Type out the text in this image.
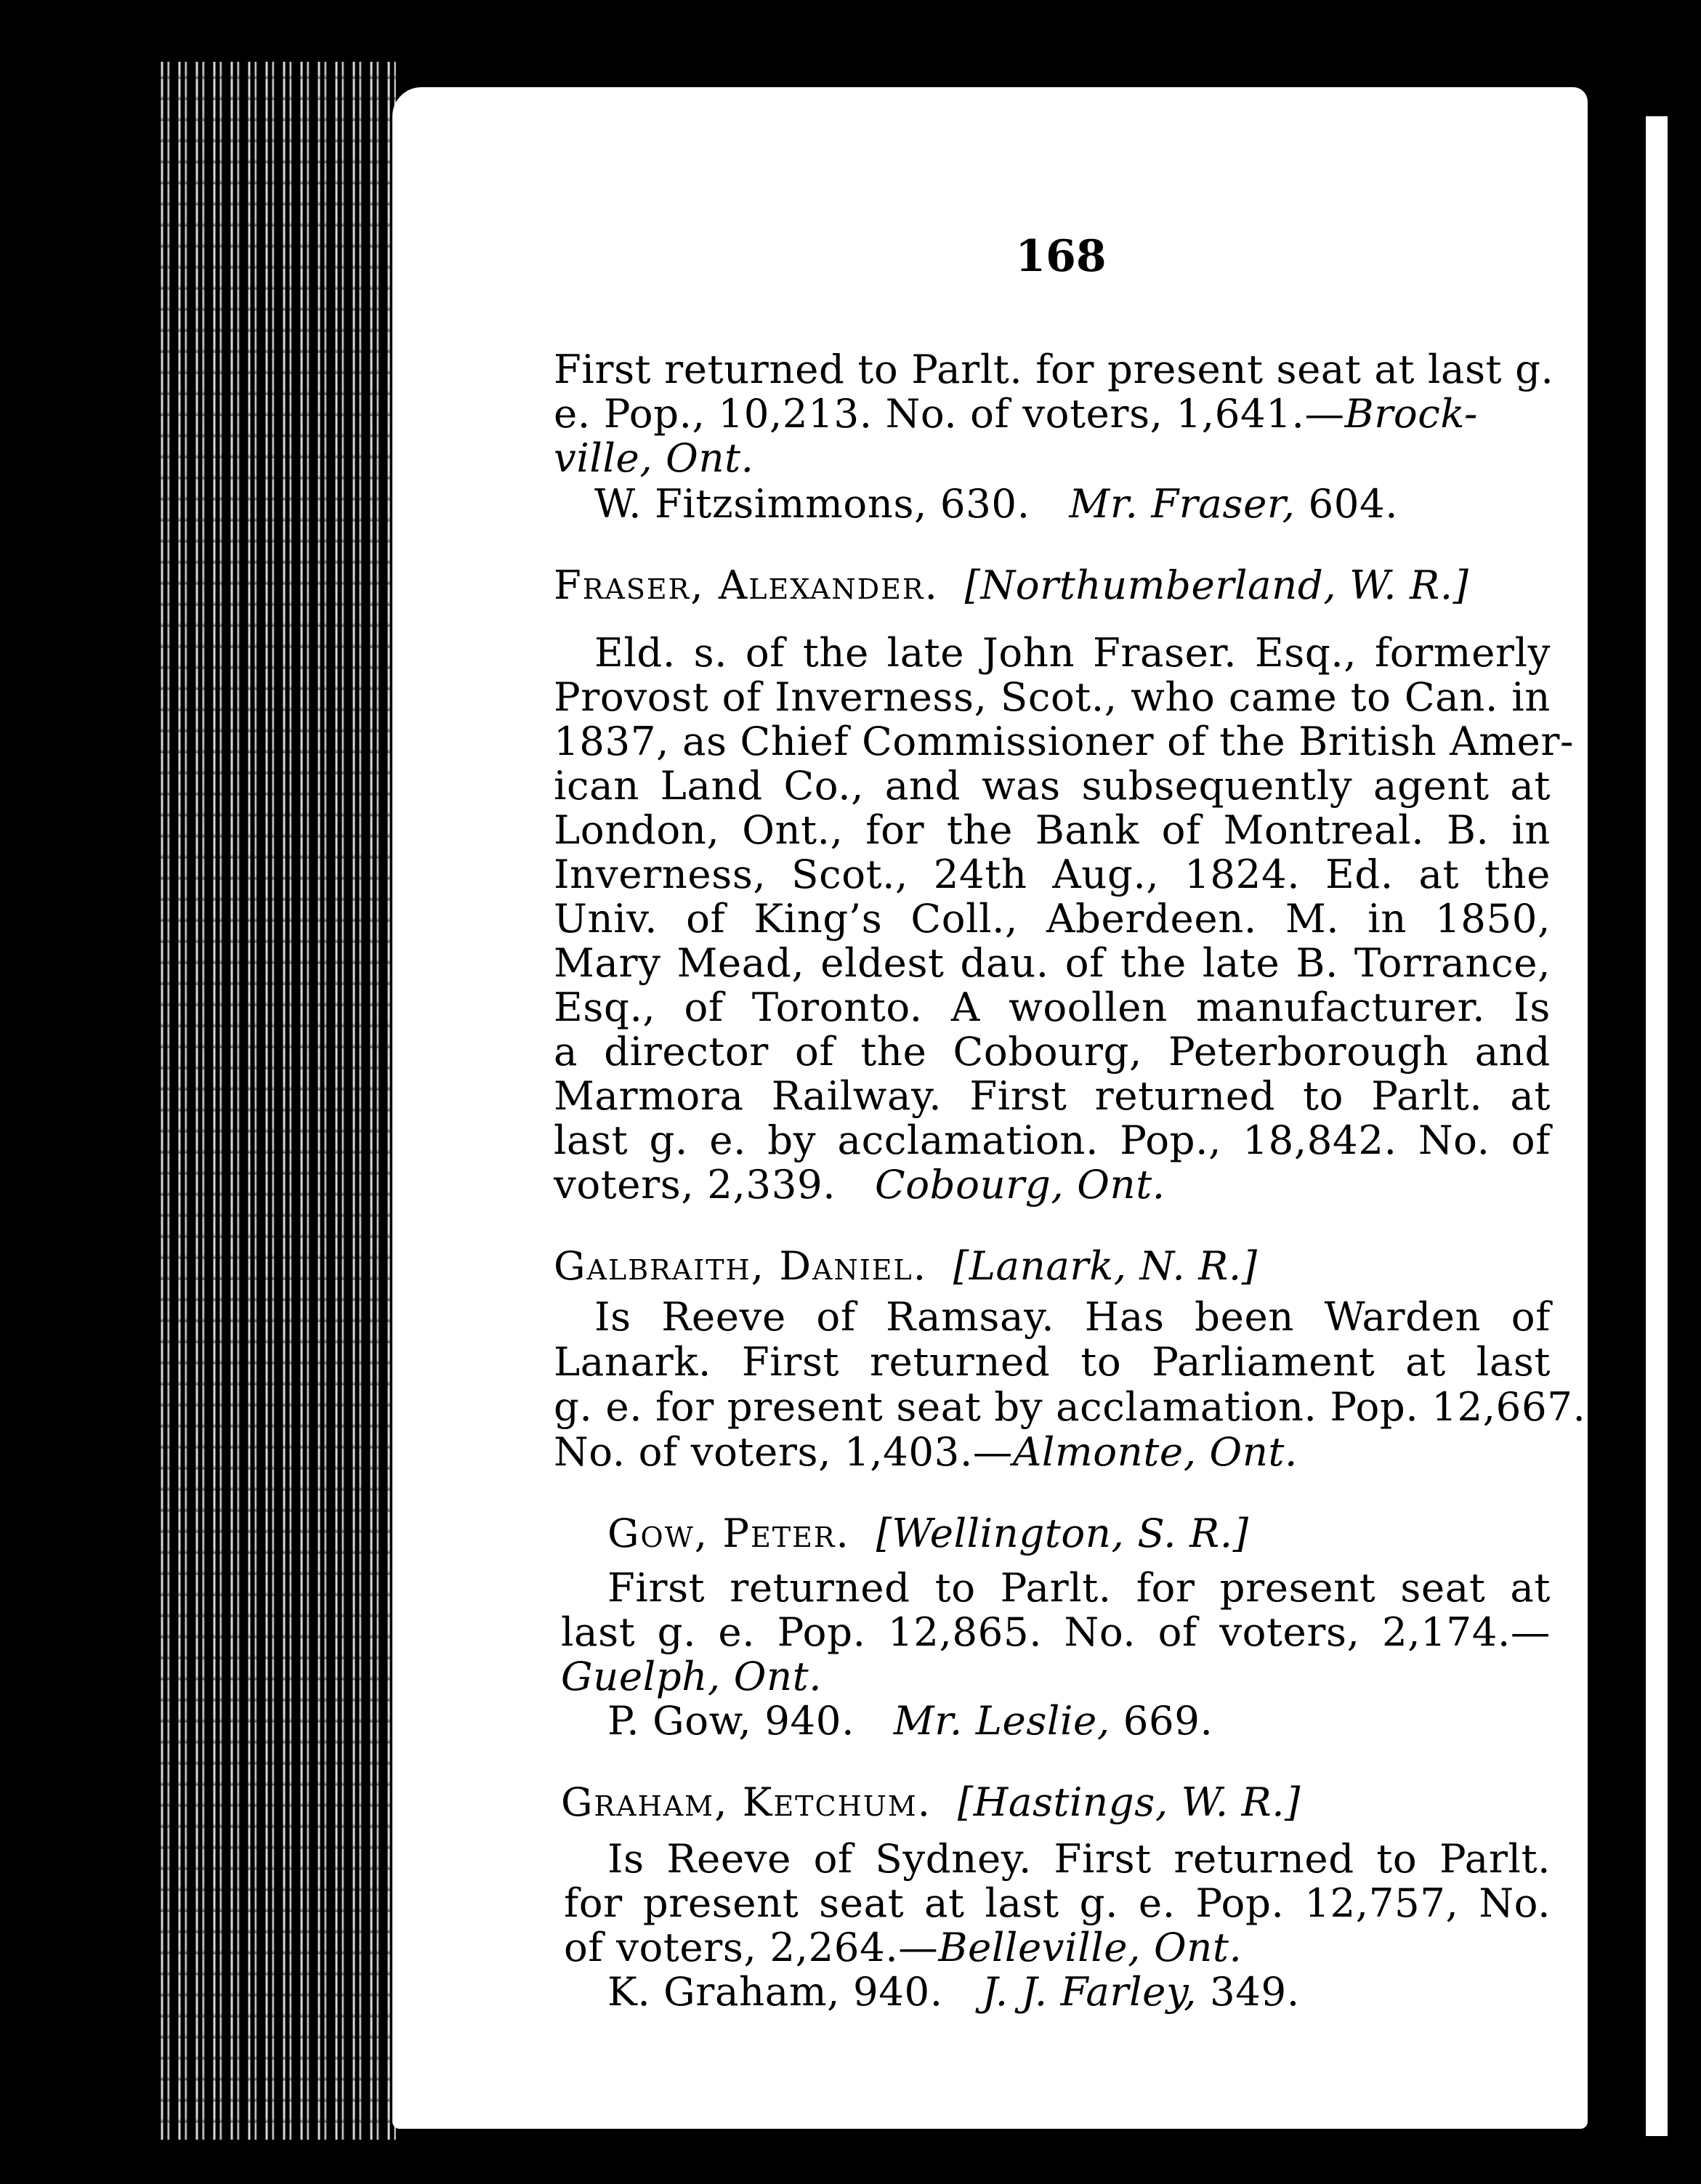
168
First returned to Parlt. for present seat at last g.
e. Pop., 10,213. No. of voters, 1,641.—Brock-
ville, Ont.
W. Fitzsimmons, 630. Mr. Fraser, 604.
Fraser, Alexander. [Northumberland, W. R.]
Eld. s. of the late John Fraser. Esq., formerly
Provost of Inverness, Scot., who came to Can. in
1837, as Chief Commissioner of the British Amer-
ican Land Co., and was subsequently agent at
London, Ont., for the Bank of Montreal. B. in
Inverness, Scot., 24th Aug., 1824. Ed. at the
Univ. of King’s Coll., Aberdeen. M. in 1850,
Mary Mead, eldest dau. of the late B. Torrance,
Esq., of Toronto. A woollen manufacturer. Is
a director of the Cobourg, Peterborough and
Marmora Railway. First returned to Parlt. at
last g. e. by acclamation. Pop., 18,842. No. of
voters, 2,339. Cobourg, Ont.
Galbraith, Daniel. [Lanark, N. R.]
Is Reeve of Ramsay. Has been Warden of
Lanark. First returned to Parliament at last
g. e. for present seat by acclamation. Pop. 12,667.
No. of voters, 1,403.—Almonte, Ont.
Gow, Peter. [Wellington, S. R.]
First returned to Parlt. for present seat at
last g. e. Pop. 12,865. No. of voters, 2,174.—
Guelph, Ont.
P. Gow, 940. Mr. Leslie, 669.
Graham, Ketchum. [Hastings, W. R.]
Is Reeve of Sydney. First returned to Parlt.
for present seat at last g. e. Pop. 12,757, No.
of voters, 2,264.—Belleville, Ont.
K. Graham, 940. J. J. Farley, 349.
